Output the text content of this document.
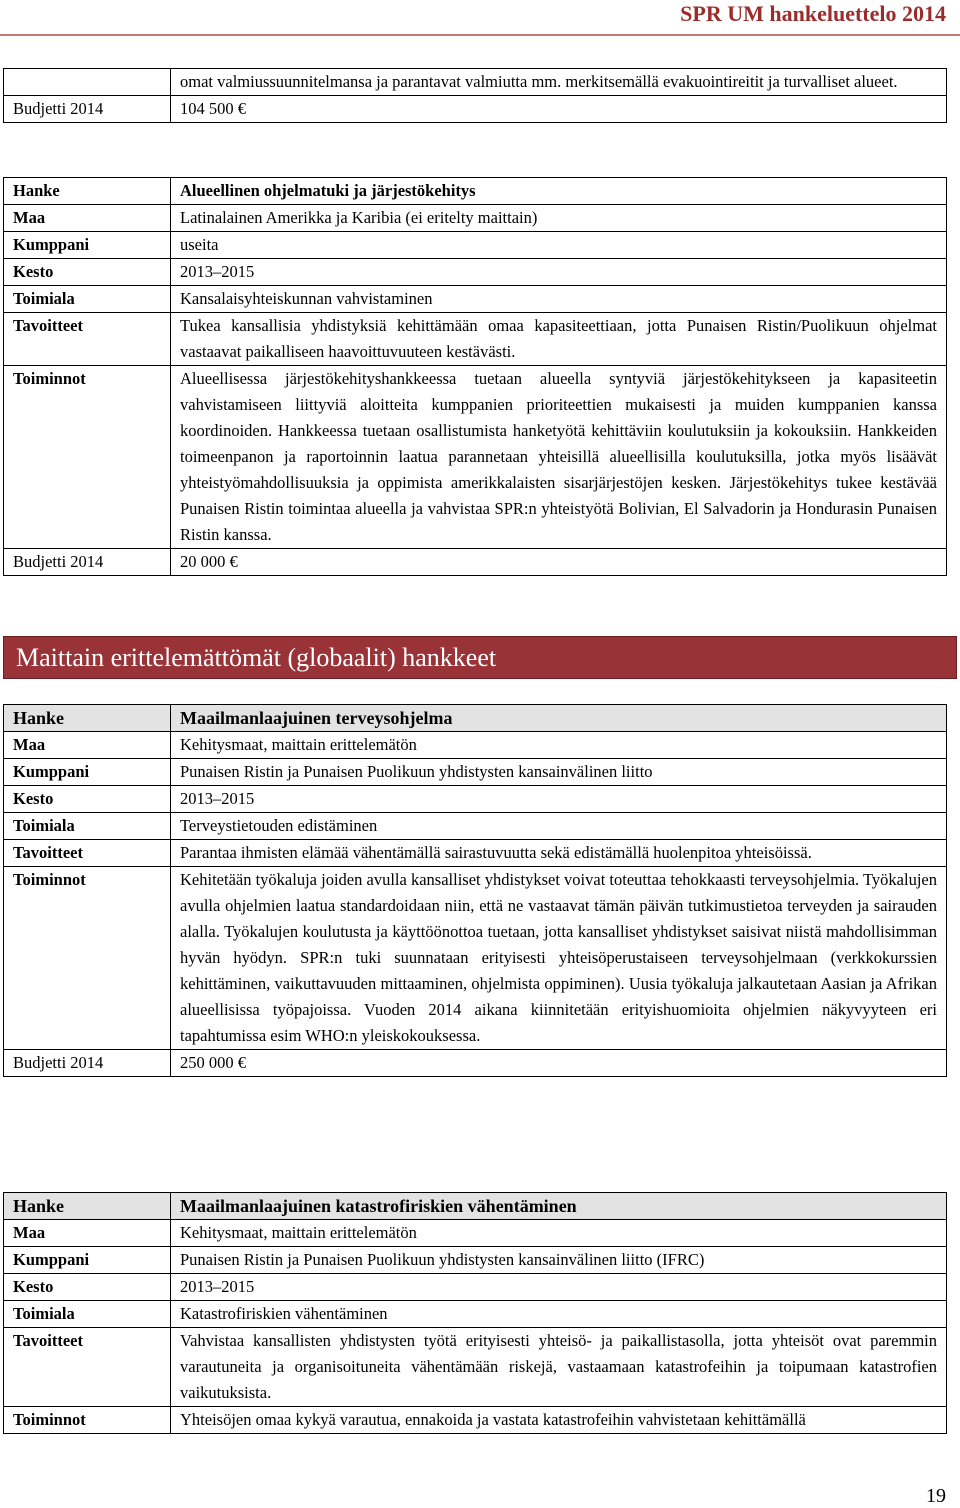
SPR UM hankeluettelo 2014
	omat valmiussuunnitelmansa ja parantavat valmiutta mm. merkitsemällä evakuointireitit ja turvalliset alueet.
Budjetti 2014	104 500 €
Hanke	Alueellinen ohjelmatuki ja järjestökehitys
Maa	Latinalainen Amerikka ja Karibia (ei eritelty maittain)
Kumppani	useita
Kesto	2013–2015
Toimiala	Kansalaisyhteiskunnan vahvistaminen
Tavoitteet	Tukea kansallisia yhdistyksiä kehittämään omaa kapasiteettiaan, jotta Punaisen Ristin/Puolikuun ohjelmat vastaavat paikalliseen haavoittuvuuteen kestävästi.
Toiminnot	Alueellisessa järjestökehityshankkeessa tuetaan alueella syntyviä järjestökehitykseen ja kapasiteetin vahvistamiseen liittyviä aloitteita kumppanien prioriteettien mukaisesti ja muiden kumppanien kanssa koordinoiden. Hankkeessa tuetaan osallistumista hanketyötä kehittäviin koulutuksiin ja kokouksiin. Hankkeiden toimeenpanon ja raportoinnin laatua parannetaan yhteisillä alueellisilla koulutuksilla, jotka myös lisäävät yhteistyömahdollisuuksia ja oppimista amerikkalaisten sisarjärjestöjen kesken. Järjestökehitys tukee kestävää Punaisen Ristin toimintaa alueella ja vahvistaa SPR:n yhteistyötä Bolivian, El Salvadorin ja Hondurasin Punaisen Ristin kanssa.
Budjetti 2014	20 000 €
Maittain erittelemättömät (globaalit) hankkeet
Hanke	Maailmanlaajuinen terveysohjelma
Maa	Kehitysmaat, maittain erittelemätön
Kumppani	Punaisen Ristin ja Punaisen Puolikuun yhdistysten kansainvälinen liitto
Kesto	2013–2015
Toimiala	Terveystietouden edistäminen
Tavoitteet	Parantaa ihmisten elämää vähentämällä sairastuvuutta sekä edistämällä huolenpitoa yhteisöissä.
Toiminnot	Kehitetään työkaluja joiden avulla kansalliset yhdistykset voivat toteuttaa tehokkaasti terveysohjelmia. Työkalujen avulla ohjelmien laatua standardoidaan niin, että ne vastaavat tämän päivän tutkimustietoa terveyden ja sairauden alalla. Työkalujen koulutusta ja käyttöönottoa tuetaan, jotta kansalliset yhdistykset saisivat niistä mahdollisimman hyvän hyödyn. SPR:n tuki suunnataan erityisesti yhteisöperustaiseen terveysohjelmaan (verkkokurssien kehittäminen, vaikuttavuuden mittaaminen, ohjelmista oppiminen). Uusia työkaluja jalkautetaan Aasian ja Afrikan alueellisissa työpajoissa. Vuoden 2014 aikana kiinnitetään erityishuomioita ohjelmien näkyvyyteen eri tapahtumissa esim WHO:n yleiskokouksessa.
Budjetti 2014	250 000 €
Hanke	Maailmanlaajuinen katastrofiriskien vähentäminen
Maa	Kehitysmaat, maittain erittelemätön
Kumppani	Punaisen Ristin ja Punaisen Puolikuun yhdistysten kansainvälinen liitto (IFRC)
Kesto	2013–2015
Toimiala	Katastrofiriskien vähentäminen
Tavoitteet	Vahvistaa kansallisten yhdistysten työtä erityisesti yhteisö- ja paikallistasolla, jotta yhteisöt ovat paremmin varautuneita ja organisoituneita vähentämään riskejä, vastaamaan katastrofeihin ja toipumaan katastrofien vaikutuksista.
Toiminnot	Yhteisöjen omaa kykyä varautua, ennakoida ja vastata katastrofeihin vahvistetaan kehittämällä
19
